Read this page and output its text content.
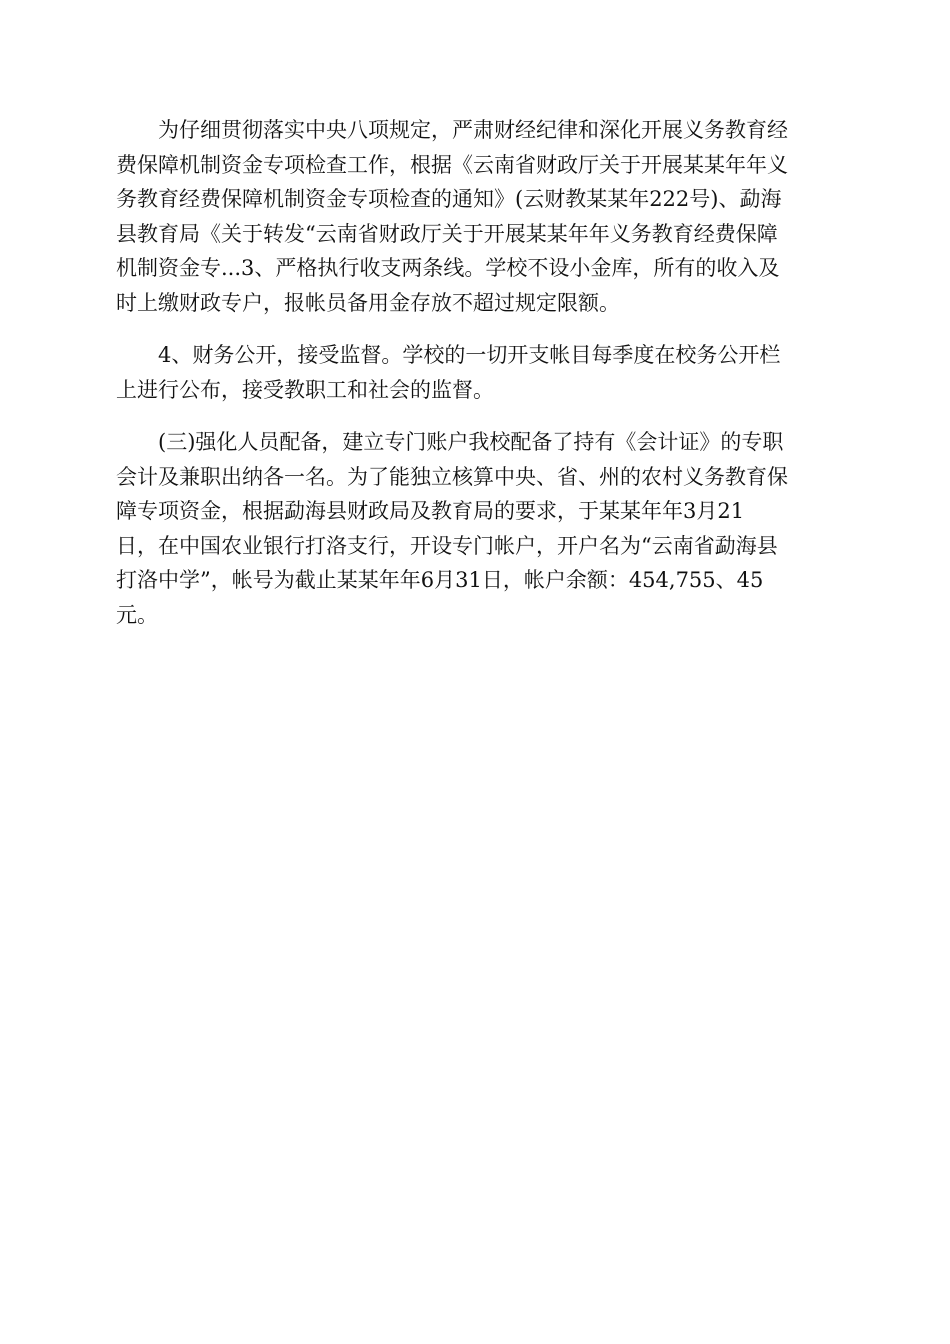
为仔细贯彻落实中央八项规定，严肃财经纪律和深化开展义务教育经
费保障机制资金专项检查工作，根据《云南省财政厅关于开展某某年年义
务教育经费保障机制资金专项检查的通知》(云财教某某年222号)、勐海
县教育局《关于转发“云南省财政厅关于开展某某年年义务教育经费保障
机制资金专...3、严格执行收支两条线。学校不设小金库，所有的收入及
时上缴财政专户，报帐员备用金存放不超过规定限额。

4、财务公开，接受监督。学校的一切开支帐目每季度在校务公开栏
上进行公布，接受教职工和社会的监督。

(三)强化人员配备，建立专门账户我校配备了持有《会计证》的专职
会计及兼职出纳各一名。为了能独立核算中央、省、州的农村义务教育保
障专项资金，根据勐海县财政局及教育局的要求，于某某年年3月21
日，在中国农业银行打洛支行，开设专门帐户，开户名为“云南省勐海县
打洛中学”，帐号为截止某某年年6月31日，帐户余额：454,755、45
元。
